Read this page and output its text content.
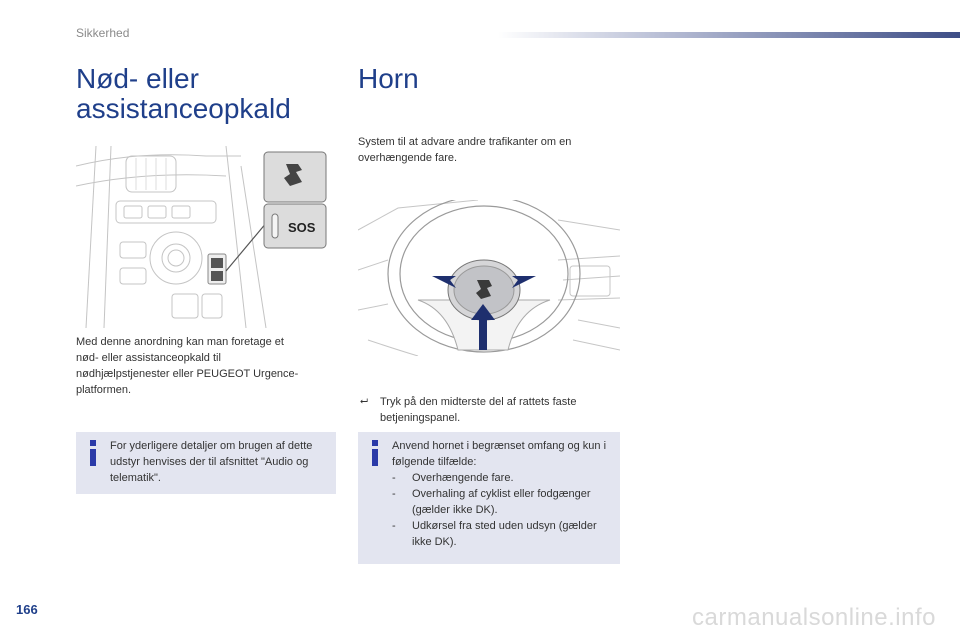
Sikkerhed
Nød- eller assistanceopkald
SOS
Med denne anordning kan man foretage et nød- eller assistanceopkald til nødhjælpstjenester eller PEUGEOT Urgence-platformen.
For yderligere detaljer om brugen af dette udstyr henvises der til afsnittet "Audio og telematik".
Horn
System til at advare andre trafikanter om en overhængende fare.
⮠	Tryk på den midterste del af rattets faste betjeningspanel.
Anvend hornet i begrænset omfang og kun i følgende tilfælde:
-	Overhængende fare.
-	Overhaling af cyklist eller fodgænger (gælder ikke DK).
-	Udkørsel fra sted uden udsyn (gælder ikke DK).
166	carmanualsonline.info
